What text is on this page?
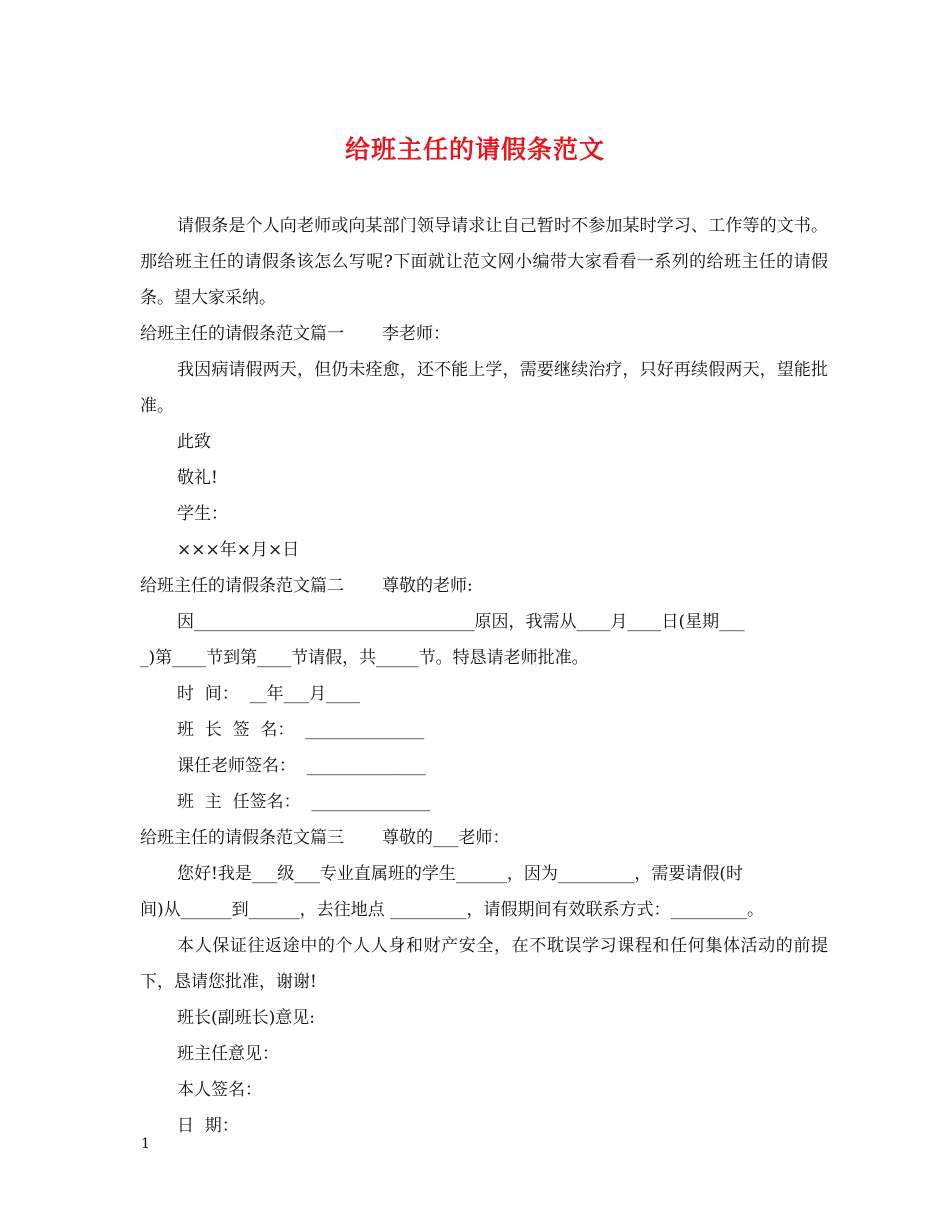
给班主任的请假条范文

请假条是个人向老师或向某部门领导请求让自己暂时不参加某时学习、工作等的文书。那给班主任的请假条该怎么写呢?下面就让范文网小编带大家看看一系列的给班主任的请假条。望大家采纳。

给班主任的请假条范文篇一 李老师：

我因病请假两天，但仍未痊愈，还不能上学，需要继续治疗，只好再续假两天，望能批准。

此致

敬礼!

学生：

×××年×月×日

给班主任的请假条范文篇二 尊敬的老师:

因_________________________________原因，我需从____月____日(星期___

_)第____节到第____节请假，共_____节。特恳请老师批准。

时  间：  __年___月____

班  长  签  名：  ______________

课任老师签名：  ______________

班  主  任签名：  ______________

给班主任的请假条范文篇三 尊敬的___老师：

您好!我是___级___专业直属班的学生______，因为_________，需要请假(时

间)从______到______，去往地点 _________，请假期间有效联系方式：_________。

本人保证往返途中的个人人身和财产安全，在不耽误学习课程和任何集体活动的前提下，恳请您批准，谢谢!

班长(副班长)意见:

班主任意见：

本人签名：

日  期：

1
